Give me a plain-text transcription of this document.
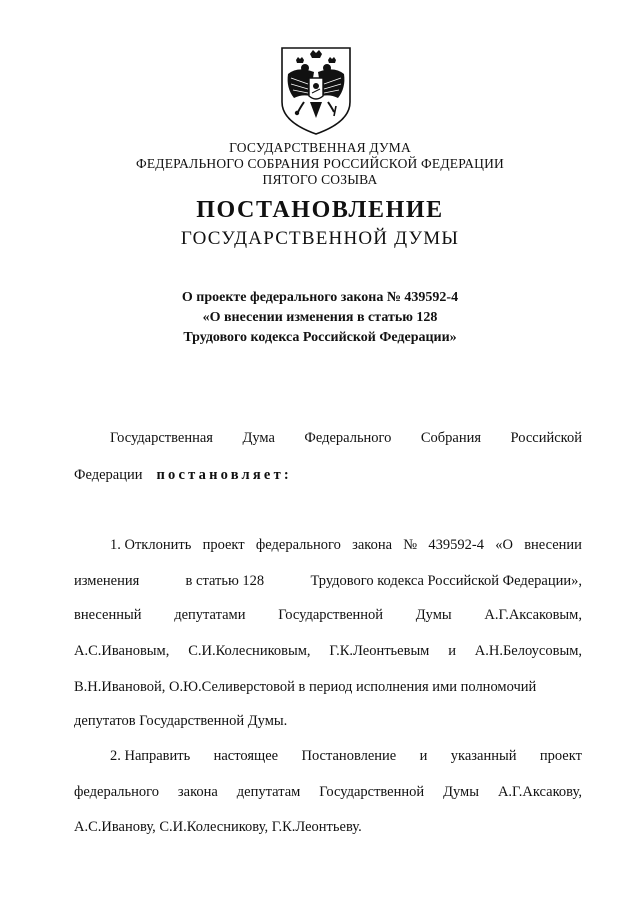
ГОСУДАРСТВЕННАЯ ДУМА
ФЕДЕРАЛЬНОГО СОБРАНИЯ РОССИЙСКОЙ ФЕДЕРАЦИИ
ПЯТОГО СОЗЫВА
ПОСТАНОВЛЕНИЕ
ГОСУДАРСТВЕННОЙ ДУМЫ
О проекте федерального закона № 439592-4
«О внесении изменения в статью 128
Трудового кодекса Российской Федерации»
Государственная Дума Федерального Собрания Российской
Федерации постановляет:
1. Отклонить проект федерального закона № 439592-4 «О внесении
изменения	в статью 128	Трудового кодекса Российской Федерации»,
внесенный депутатами Государственной Думы А.Г.Аксаковым,
А.С.Ивановым, С.И.Колесниковым, Г.К.Леонтьевым и А.Н.Белоусовым,
В.Н.Ивановой, О.Ю.Селиверстовой в период исполнения ими полномочий
депутатов Государственной Думы.
2. Направить настоящее Постановление и указанный проект
федерального закона депутатам Государственной Думы А.Г.Аксакову,
А.С.Иванову, С.И.Колесникову, Г.К.Леонтьеву.
